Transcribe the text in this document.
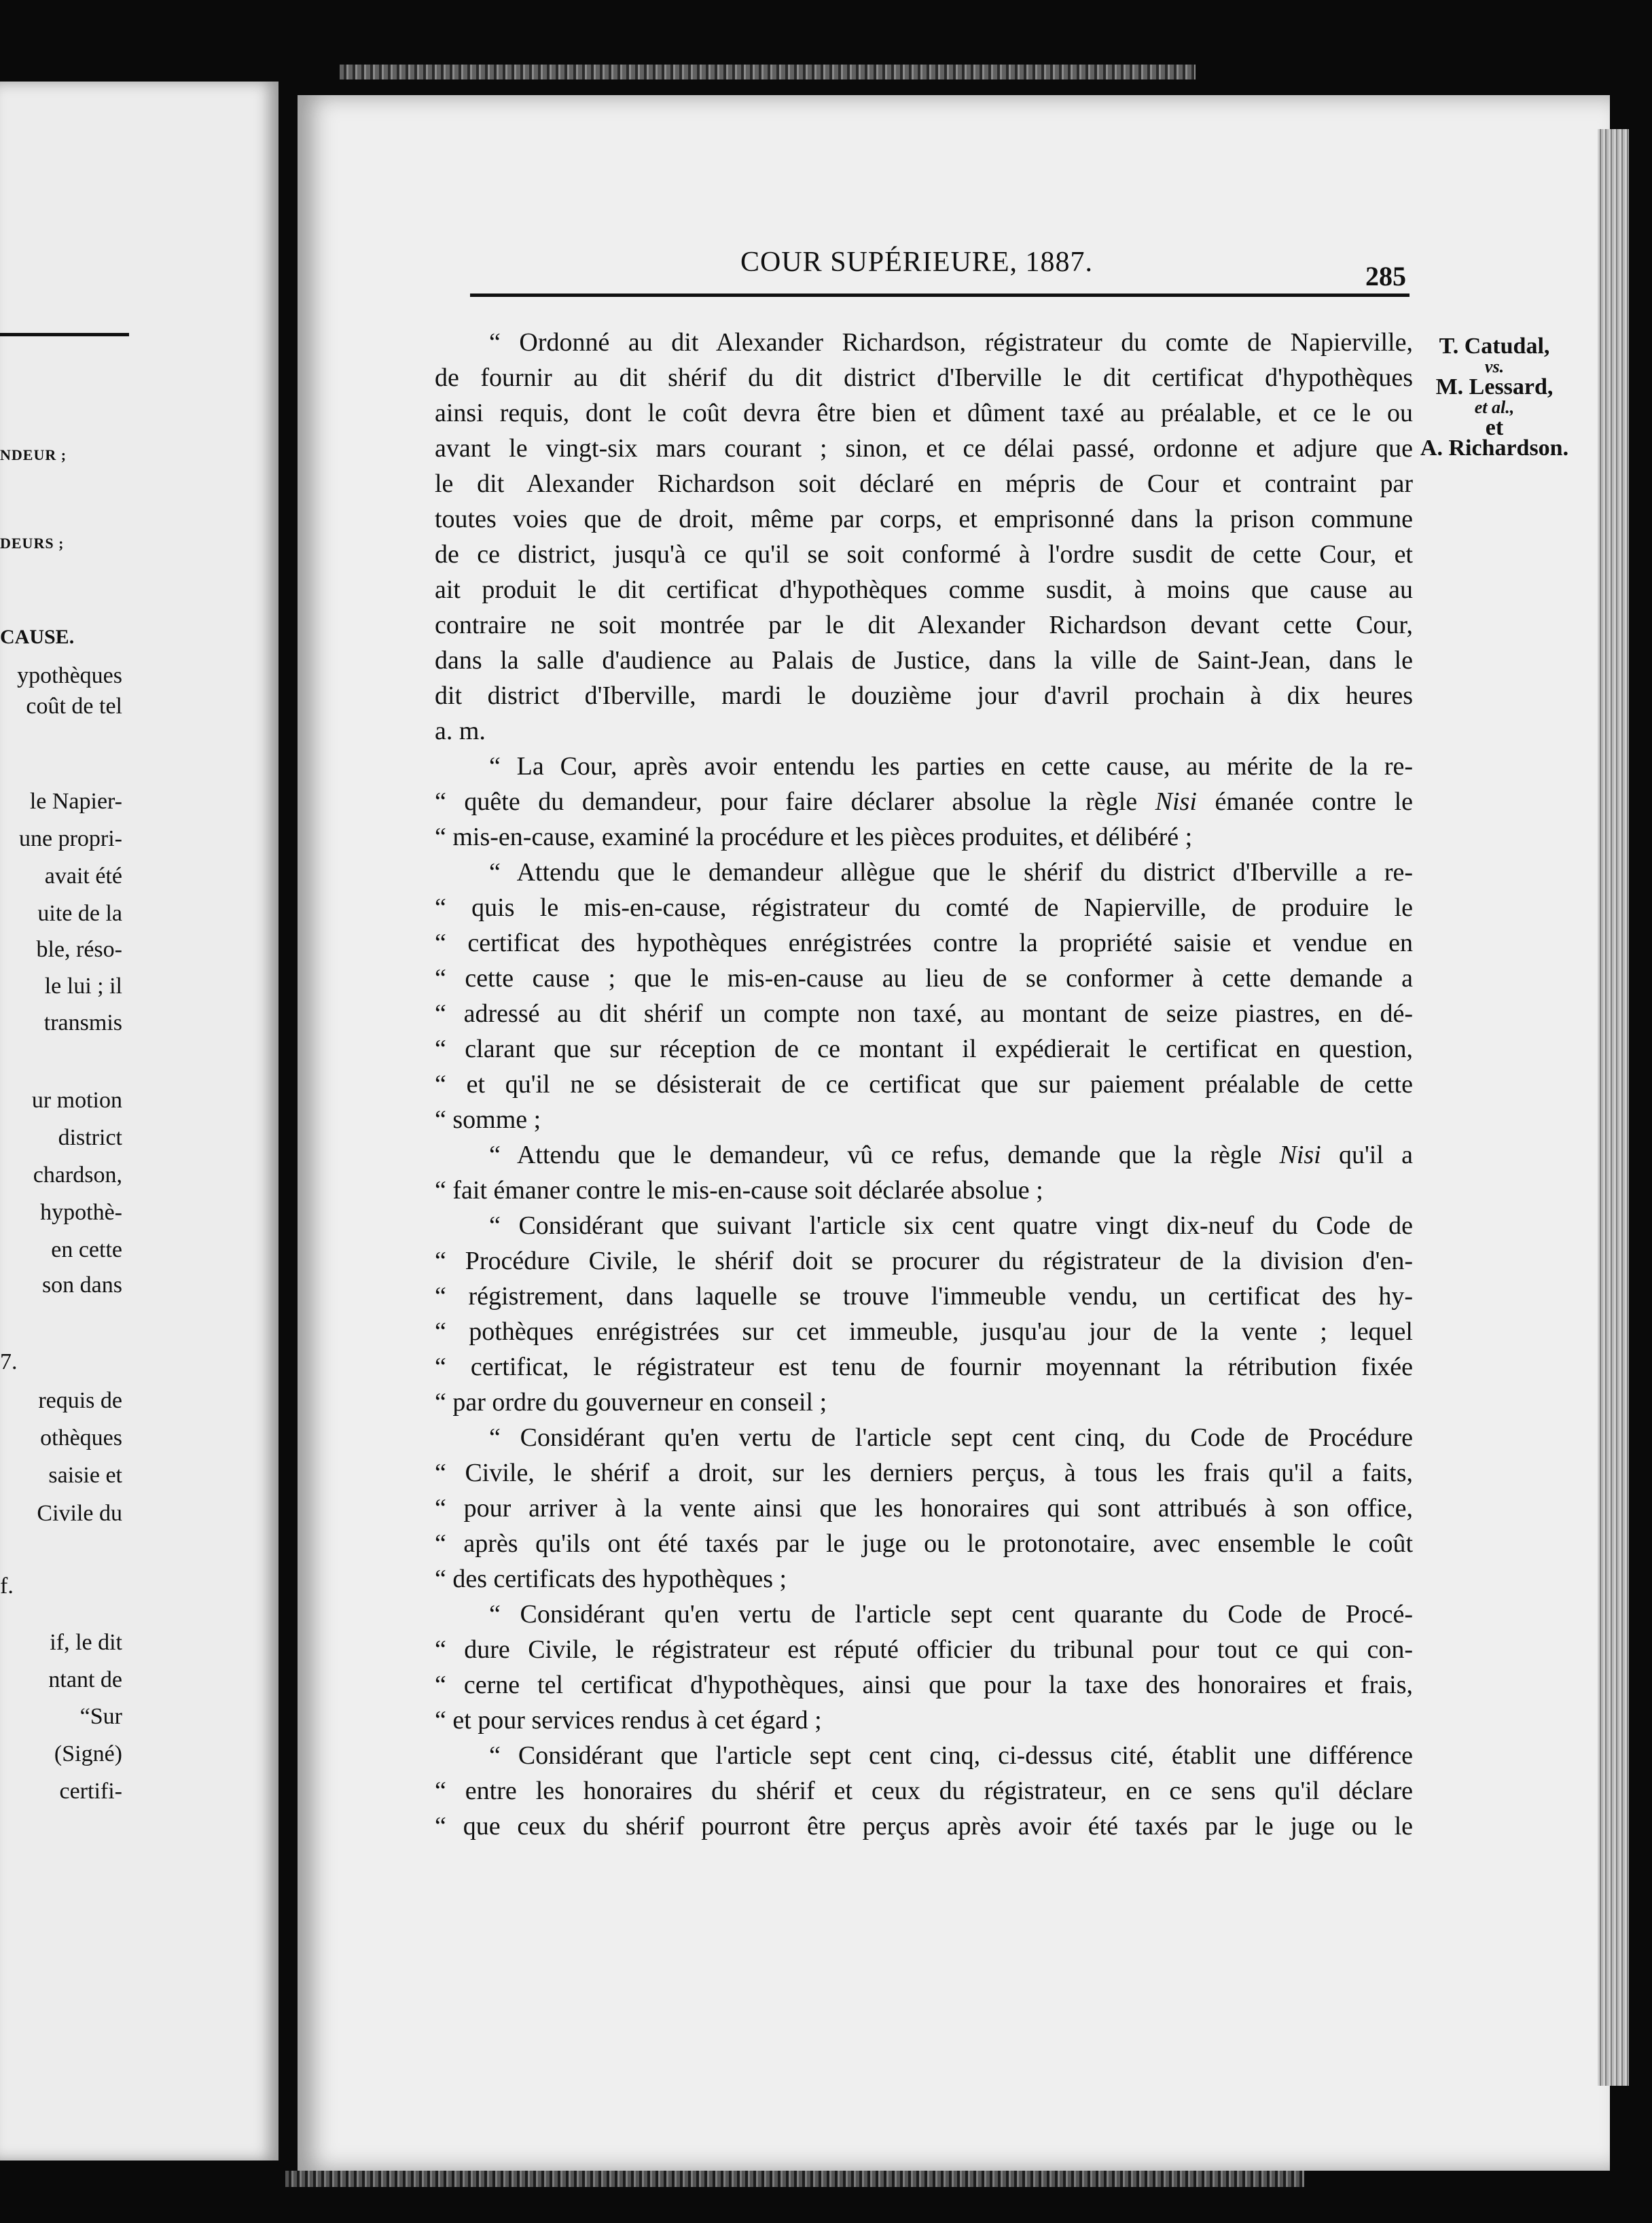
NDEUR ;
DEURS ;
CAUSE.
ypothèques
coût de tel
le Napier-
une propri-
avait été
uite de la
ble, réso-
le lui ; il
transmis
ur motion
district
chardson,
hypothè-
en cette
son dans
7.
requis de
othèques
saisie et
Civile du
f.
if, le dit
ntant de
“Sur
(Signé)
certifi-
COUR SUPÉRIEURE, 1887.	285
T. Catudal,
vs.
M. Lessard,
et al.,
et
A. Richardson.
“ Ordonné au dit Alexander Richardson, régistrateur du comte de Napierville,
de fournir au dit shérif du dit district d'Iberville le dit certificat d'hypothèques
ainsi requis, dont le coût devra être bien et dûment taxé au préalable, et ce le ou
avant le vingt-six mars courant ; sinon, et ce délai passé, ordonne et adjure que
le dit Alexander Richardson soit déclaré en mépris de Cour et contraint par
toutes voies que de droit, même par corps, et emprisonné dans la prison commune
de ce district, jusqu'à ce qu'il se soit conformé à l'ordre susdit de cette Cour, et
ait produit le dit certificat d'hypothèques comme susdit, à moins que cause au
contraire ne soit montrée par le dit Alexander Richardson devant cette Cour,
dans la salle d'audience au Palais de Justice, dans la ville de Saint-Jean, dans le
dit district d'Iberville, mardi le douzième jour d'avril prochain à dix heures
a. m.
“ La Cour, après avoir entendu les parties en cette cause, au mérite de la re-
“ quête du demandeur, pour faire déclarer absolue la règle Nisi émanée contre le
“ mis-en-cause, examiné la procédure et les pièces produites, et délibéré ;
“ Attendu que le demandeur allègue que le shérif du district d'Iberville a re-
“ quis le mis-en-cause, régistrateur du comté de Napierville, de produire le
“ certificat des hypothèques enrégistrées contre la propriété saisie et vendue en
“ cette cause ; que le mis-en-cause au lieu de se conformer à cette demande a
“ adressé au dit shérif un compte non taxé, au montant de seize piastres, en dé-
“ clarant que sur réception de ce montant il expédierait le certificat en question,
“ et qu'il ne se désisterait de ce certificat que sur paiement préalable de cette
“ somme ;
“ Attendu que le demandeur, vû ce refus, demande que la règle Nisi qu'il a
“ fait émaner contre le mis-en-cause soit déclarée absolue ;
“ Considérant que suivant l'article six cent quatre vingt dix-neuf du Code de
“ Procédure Civile, le shérif doit se procurer du régistrateur de la division d'en-
“ régistrement, dans laquelle se trouve l'immeuble vendu, un certificat des hy-
“ pothèques enrégistrées sur cet immeuble, jusqu'au jour de la vente ; lequel
“ certificat, le régistrateur est tenu de fournir moyennant la rétribution fixée
“ par ordre du gouverneur en conseil ;
“ Considérant qu'en vertu de l'article sept cent cinq, du Code de Procédure
“ Civile, le shérif a droit, sur les derniers perçus, à tous les frais qu'il a faits,
“ pour arriver à la vente ainsi que les honoraires qui sont attribués à son office,
“ après qu'ils ont été taxés par le juge ou le protonotaire, avec ensemble le coût
“ des certificats des hypothèques ;
“ Considérant qu'en vertu de l'article sept cent quarante du Code de Procé-
“ dure Civile, le régistrateur est réputé officier du tribunal pour tout ce qui con-
“ cerne tel certificat d'hypothèques, ainsi que pour la taxe des honoraires et frais,
“ et pour services rendus à cet égard ;
“ Considérant que l'article sept cent cinq, ci-dessus cité, établit une différence
“ entre les honoraires du shérif et ceux du régistrateur, en ce sens qu'il déclare
“ que ceux du shérif pourront être perçus après avoir été taxés par le juge ou le
